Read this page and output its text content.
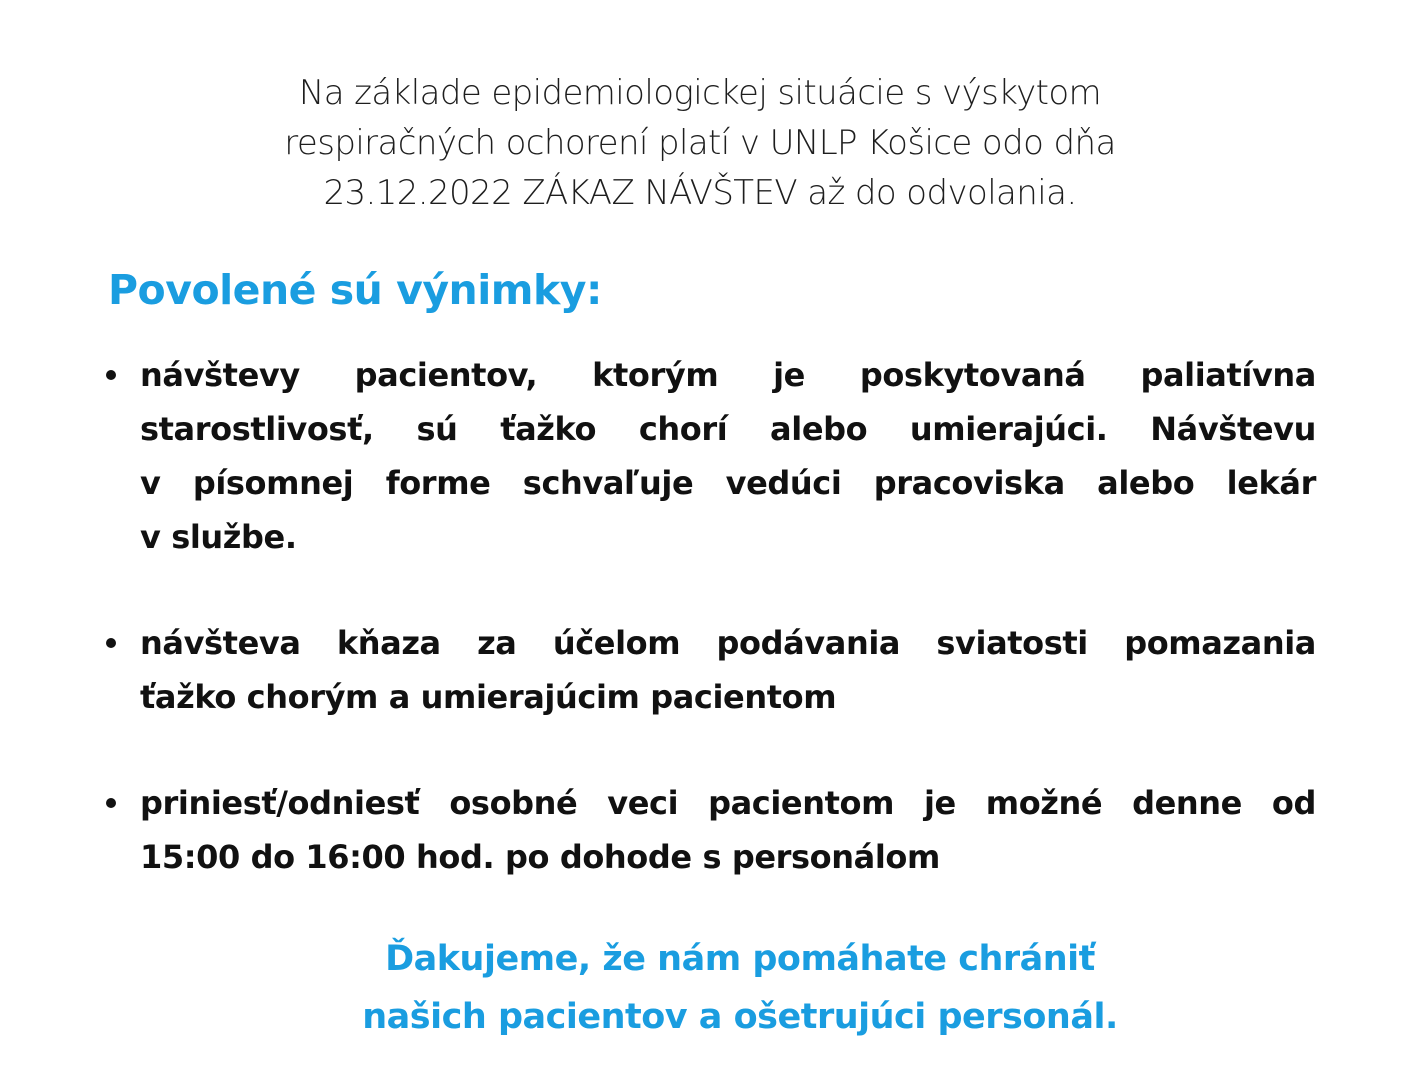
Na základe epidemiologickej situácie s výskytom
respiračných ochorení platí v UNLP Košice odo dňa
23.12.2022 ZÁKAZ NÁVŠTEV až do odvolania.
Povolené sú výnimky:
návštevy pacientov, ktorým je poskytovaná paliatívna
starostlivosť, sú ťažko chorí alebo umierajúci. Návštevu
v písomnej forme schvaľuje vedúci pracoviska alebo lekár
v službe.
návšteva kňaza za účelom podávania sviatosti pomazania
ťažko chorým a umierajúcim pacientom
priniesť/odniesť osobné veci pacientom je možné denne od
15:00 do 16:00 hod. po dohode s personálom
Ďakujeme, že nám pomáhate chrániť
našich pacientov a ošetrujúci personál.
